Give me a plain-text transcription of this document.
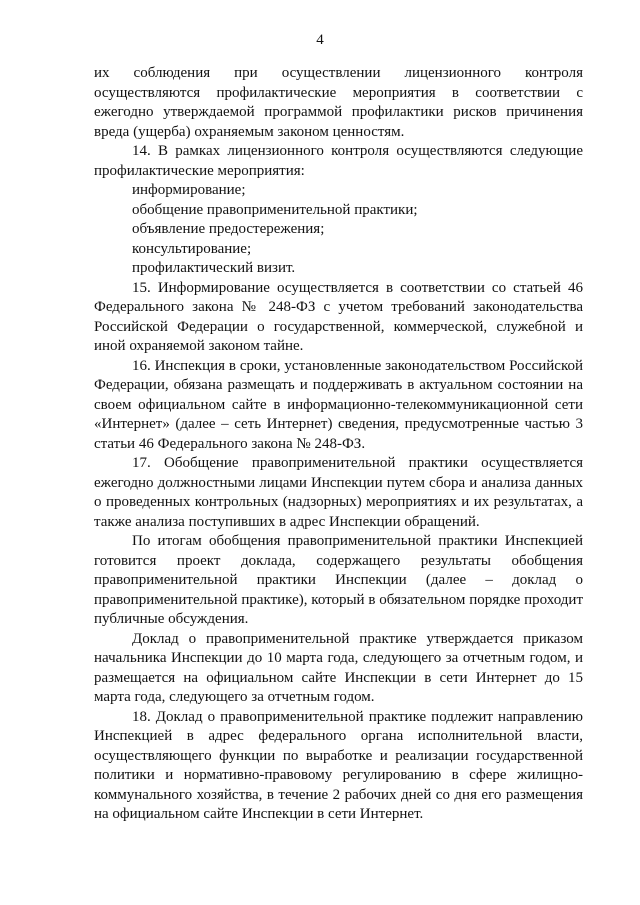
4

их соблюдения при осуществлении лицензионного контроля осуществляются профилактические мероприятия в соответствии с ежегодно утверждаемой программой профилактики рисков причинения вреда (ущерба) охраняемым законом ценностям.

14. В рамках лицензионного контроля осуществляются следующие профилактические мероприятия:

информирование;

обобщение правоприменительной практики;

объявление предостережения;

консультирование;

профилактический визит.

15. Информирование осуществляется в соответствии со статьей 46 Федерального закона № 248-ФЗ с учетом требований законодательства Российской Федерации о государственной, коммерческой, служебной и иной охраняемой законом тайне.

16. Инспекция в сроки, установленные законодательством Российской Федерации, обязана размещать и поддерживать в актуальном состоянии на своем официальном сайте в информационно-телекоммуникационной сети «Интернет» (далее – сеть Интернет) сведения, предусмотренные частью 3 статьи 46 Федерального закона № 248-ФЗ.

17. Обобщение правоприменительной практики осуществляется ежегодно должностными лицами Инспекции путем сбора и анализа данных о проведенных контрольных (надзорных) мероприятиях и их результатах, а также анализа поступивших в адрес Инспекции обращений.

По итогам обобщения правоприменительной практики Инспекцией готовится проект доклада, содержащего результаты обобщения правоприменительной практики Инспекции (далее – доклад о правоприменительной практике), который в обязательном порядке проходит публичные обсуждения.

Доклад о правоприменительной практике утверждается приказом начальника Инспекции до 10 марта года, следующего за отчетным годом, и размещается на официальном сайте Инспекции в сети Интернет до 15 марта года, следующего за отчетным годом.

18. Доклад о правоприменительной практике подлежит направлению Инспекцией в адрес федерального органа исполнительной власти, осуществляющего функции по выработке и реализации государственной политики и нормативно-правовому регулированию в сфере жилищно-коммунального хозяйства, в течение 2 рабочих дней со дня его размещения на официальном сайте Инспекции в сети Интернет.
